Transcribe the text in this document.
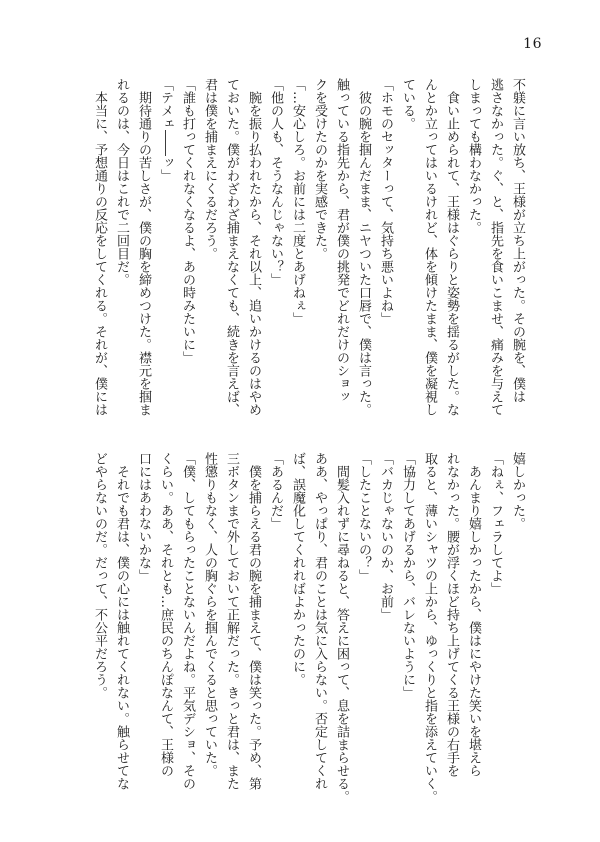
16
不躾に言い放ち、王様が立ち上がった。その腕を、僕は
逃さなかった。ぐ、と、指先を食いこませ、痛みを与えて
しまっても構わなかった。
　食い止められて、王様はぐらりと姿勢を揺るがした。な
んとか立ってはいるけれど、体を傾けたまま、僕を凝視し
ている。
「ホモのセッターって、気持ち悪いよね」
　彼の腕を掴んだまま、ニヤついた口唇で、僕は言った。
触っている指先から、君が僕の挑発でどれだけのショッ
クを受けたのかを実感できた。
「…安心しろ。お前には二度とあげねぇ」
「他の人も、そうなんじゃない？」
　腕を振り払われたから、それ以上、追いかけるのはやめ
ておいた。僕がわざわざ捕まえなくても、続きを言えば、
君は僕を捕まえにくるだろう。
「誰も打ってくれなくなるよ、あの時みたいに」
「テメェ――ッ」
　期待通りの苦しさが、僕の胸を締めつけた。襟元を掴ま
れるのは、今日はこれで二回目だ。
　本当に、予想通りの反応をしてくれる。それが、僕には
嬉しかった。
「ねぇ、フェラしてよ」
　あんまり嬉しかったから、僕はにやけた笑いを堪えら
れなかった。腰が浮くほど持ち上げてくる王様の右手を
取ると、薄いシャツの上から、ゆっくりと指を添えていく。
「協力してあげるから、バレないように」
「バカじゃないのか、お前」
「したことないの？」
　間髪入れずに尋ねると、答えに困って、息を詰まらせる。
ああ、やっぱり、君のことは気に入らない。否定してくれ
ば、誤魔化してくれればよかったのに。
「あるんだ」
　僕を捕らえる君の腕を捕まえて、僕は笑った。予め、第
三ボタンまで外しておいて正解だった。きっと君は、また
性懲りもなく、人の胸ぐらを掴んでくると思っていた。
「僕、してもらったことないんだよね。平気デショ、その
くらい。ああ、それとも…庶民のちんぽなんて、王様の
口にはあわないかな」
　それでも君は、僕の心には触れてくれない。触らせてな
どやらないのだ。だって、不公平だろう。
